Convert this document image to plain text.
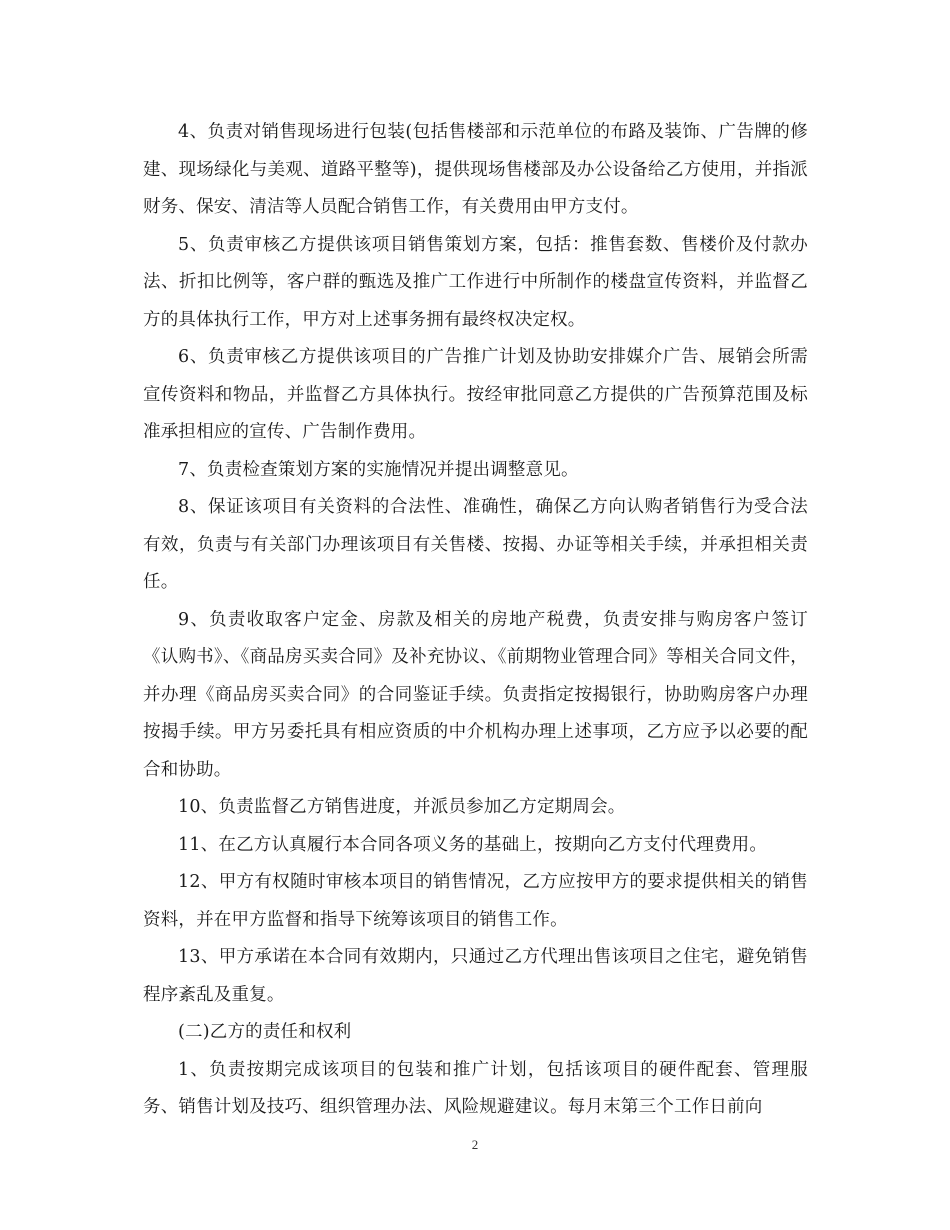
4、负责对销售现场进行包装(包括售楼部和示范单位的布路及装饰、广告牌的修建、现场绿化与美观、道路平整等)，提供现场售楼部及办公设备给乙方使用，并指派财务、保安、清洁等人员配合销售工作，有关费用由甲方支付。

5、负责审核乙方提供该项目销售策划方案，包括：推售套数、售楼价及付款办法、折扣比例等，客户群的甄选及推广工作进行中所制作的楼盘宣传资料，并监督乙方的具体执行工作，甲方对上述事务拥有最终权决定权。

6、负责审核乙方提供该项目的广告推广计划及协助安排媒介广告、展销会所需宣传资料和物品，并监督乙方具体执行。按经审批同意乙方提供的广告预算范围及标准承担相应的宣传、广告制作费用。

7、负责检查策划方案的实施情况并提出调整意见。

8、保证该项目有关资料的合法性、准确性，确保乙方向认购者销售行为受合法有效，负责与有关部门办理该项目有关售楼、按揭、办证等相关手续，并承担相关责任。

9、负责收取客户定金、房款及相关的房地产税费，负责安排与购房客户签订《认购书》、《商品房买卖合同》及补充协议、《前期物业管理合同》等相关合同文件，并办理《商品房买卖合同》的合同鉴证手续。负责指定按揭银行，协助购房客户办理按揭手续。甲方另委托具有相应资质的中介机构办理上述事项，乙方应予以必要的配合和协助。

10、负责监督乙方销售进度，并派员参加乙方定期周会。

11、在乙方认真履行本合同各项义务的基础上，按期向乙方支付代理费用。

12、甲方有权随时审核本项目的销售情况，乙方应按甲方的要求提供相关的销售资料，并在甲方监督和指导下统筹该项目的销售工作。

13、甲方承诺在本合同有效期内，只通过乙方代理出售该项目之住宅，避免销售程序紊乱及重复。

(二)乙方的责任和权利

1、负责按期完成该项目的包装和推广计划，包括该项目的硬件配套、管理服务、销售计划及技巧、组织管理办法、风险规避建议。每月末第三个工作日前向

2
